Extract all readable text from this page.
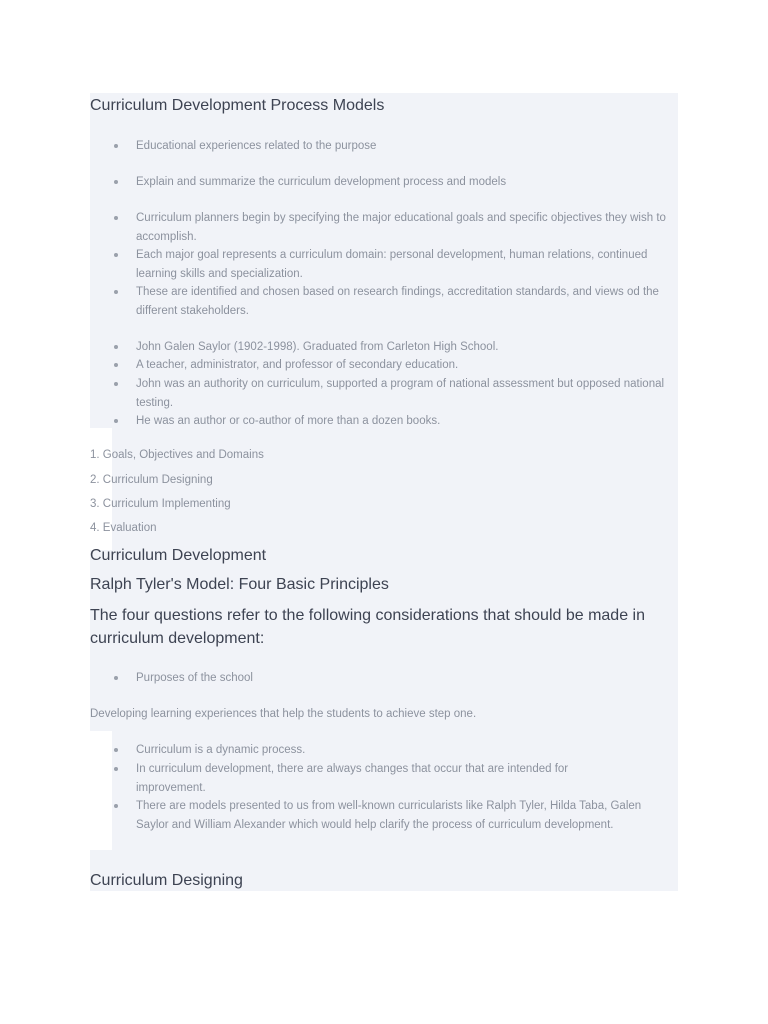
Curriculum Development Process Models
Educational experiences related to the purpose
Explain and summarize the curriculum development process and models
Curriculum planners begin by specifying the major educational goals and specific objectives they wish to accomplish.
Each major goal represents a curriculum domain: personal development, human relations, continued learning skills and specialization.
These are identified and chosen based on research findings, accreditation standards, and views od the different stakeholders.
John Galen Saylor (1902-1998). Graduated from Carleton High School.
A teacher, administrator, and professor of secondary education.
John was an authority on curriculum, supported a program of national assessment but opposed national testing.
He was an author or co-author of more than a dozen books.
1. Goals, Objectives and Domains
2. Curriculum Designing
3. Curriculum Implementing
4. Evaluation
Curriculum Development
Ralph Tyler's Model: Four Basic Principles
The four questions refer to the following considerations that should be made in curriculum development:
Purposes of the school
Developing learning experiences that help the students to achieve step one.
Curriculum is a dynamic process.
In curriculum development, there are always changes that occur that are intended for improvement.
There are models presented to us from well-known curricularists like Ralph Tyler, Hilda Taba, Galen Saylor and William Alexander which would help clarify the process of curriculum development.
Curriculum Designing
